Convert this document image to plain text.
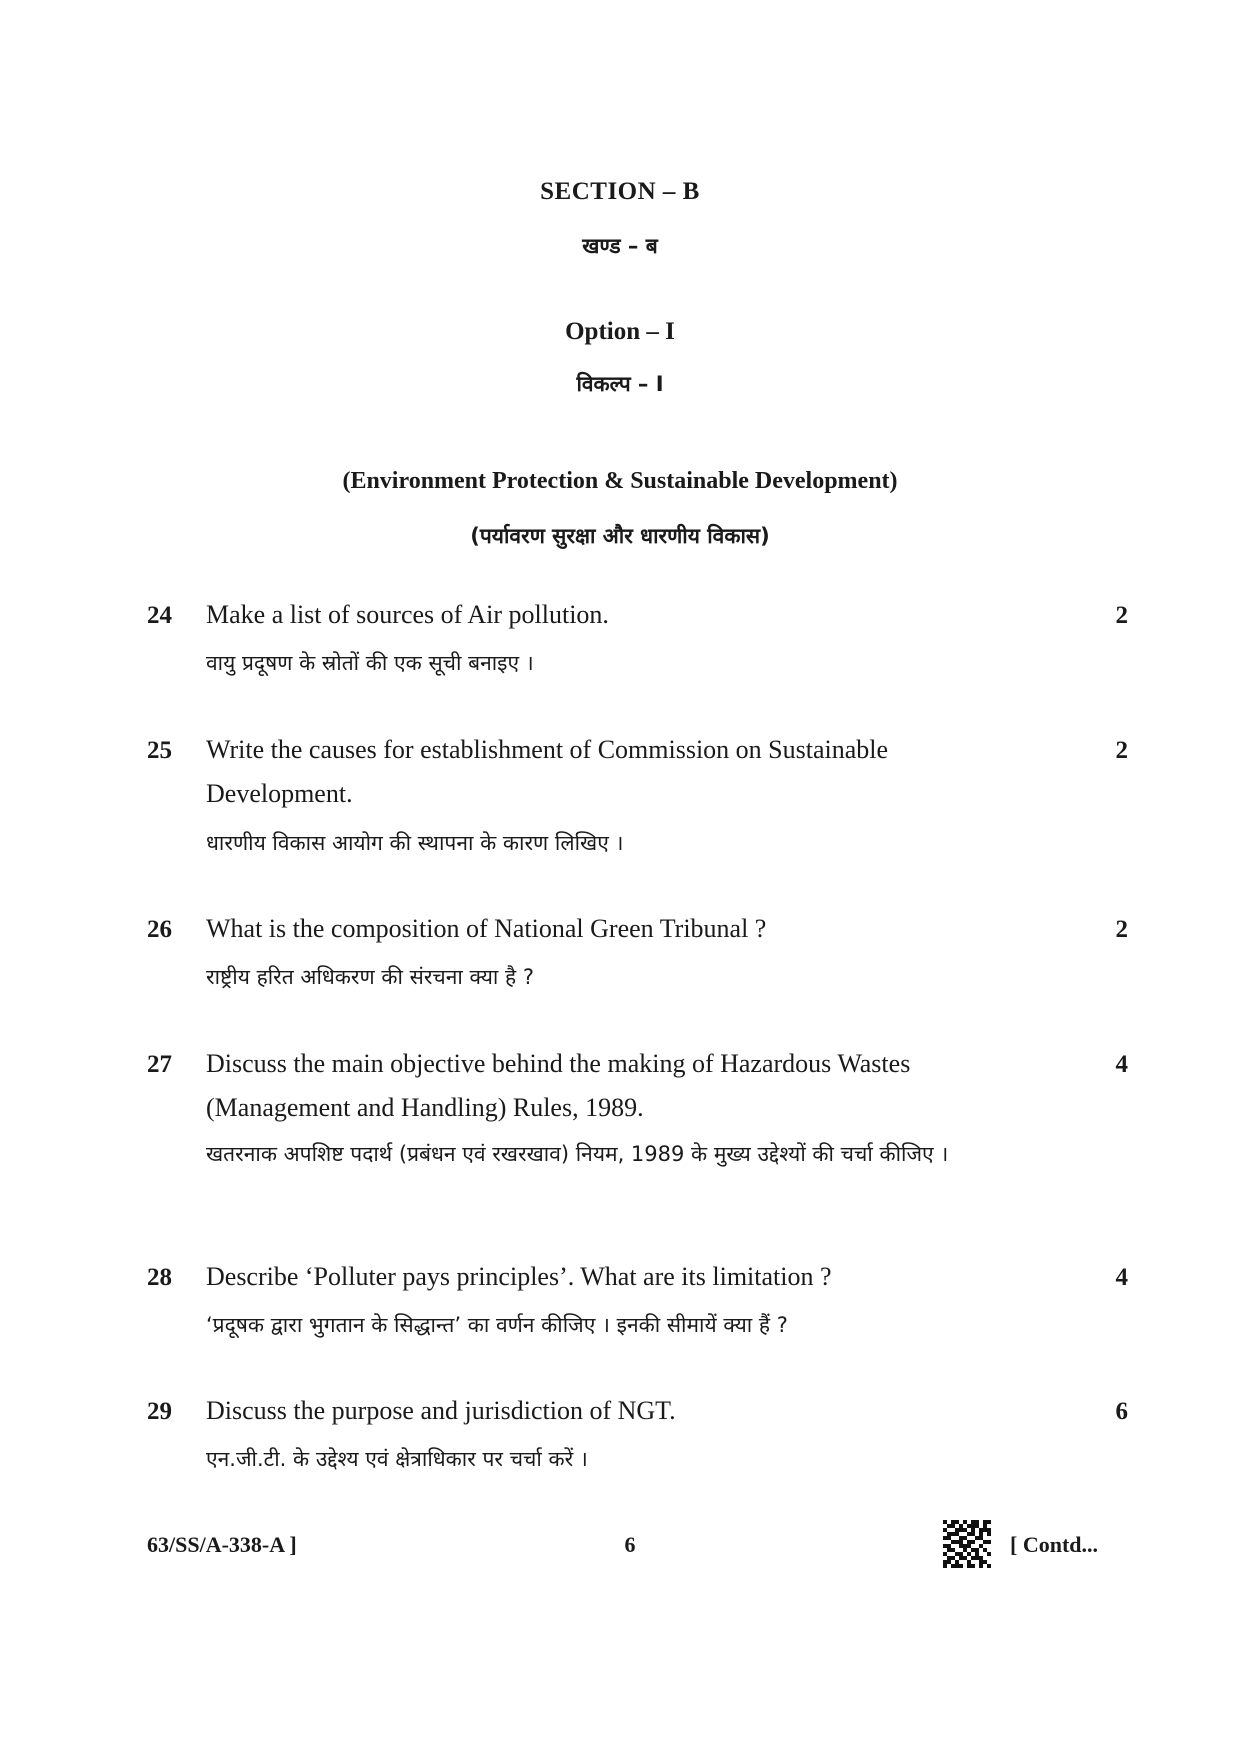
SECTION – B
खण्ड – ब
Option – I
विकल्प – I
(Environment Protection & Sustainable Development)
(पर्यावरण सुरक्षा और धारणीय विकास)
24 Make a list of sources of Air pollution.
वायु प्रदूषण के स्रोतों की एक सूची बनाइए ।
2
25 Write the causes for establishment of Commission on Sustainable Development.
धारणीय विकास आयोग की स्थापना के कारण लिखिए ।
2
26 What is the composition of National Green Tribunal ?
राष्ट्रीय हरित अधिकरण की संरचना क्या है ?
2
27 Discuss the main objective behind the making of Hazardous Wastes (Management and Handling) Rules, 1989.
खतरनाक अपशिष्ट पदार्थ (प्रबंधन एवं रखरखाव) नियम, 1989 के मुख्य उद्देश्यों की चर्चा कीजिए ।
4
28 Describe ‘Polluter pays principles’. What are its limitation ?
‘प्रदूषक द्वारा भुगतान के सिद्धान्त’ का वर्णन कीजिए । इनकी सीमायें क्या हैं ?
4
29 Discuss the purpose and jurisdiction of NGT.
एन.जी.टी. के उद्देश्य एवं क्षेत्राधिकार पर चर्चा करें ।
6
63/SS/A-338-A ]	6	[ Contd...
